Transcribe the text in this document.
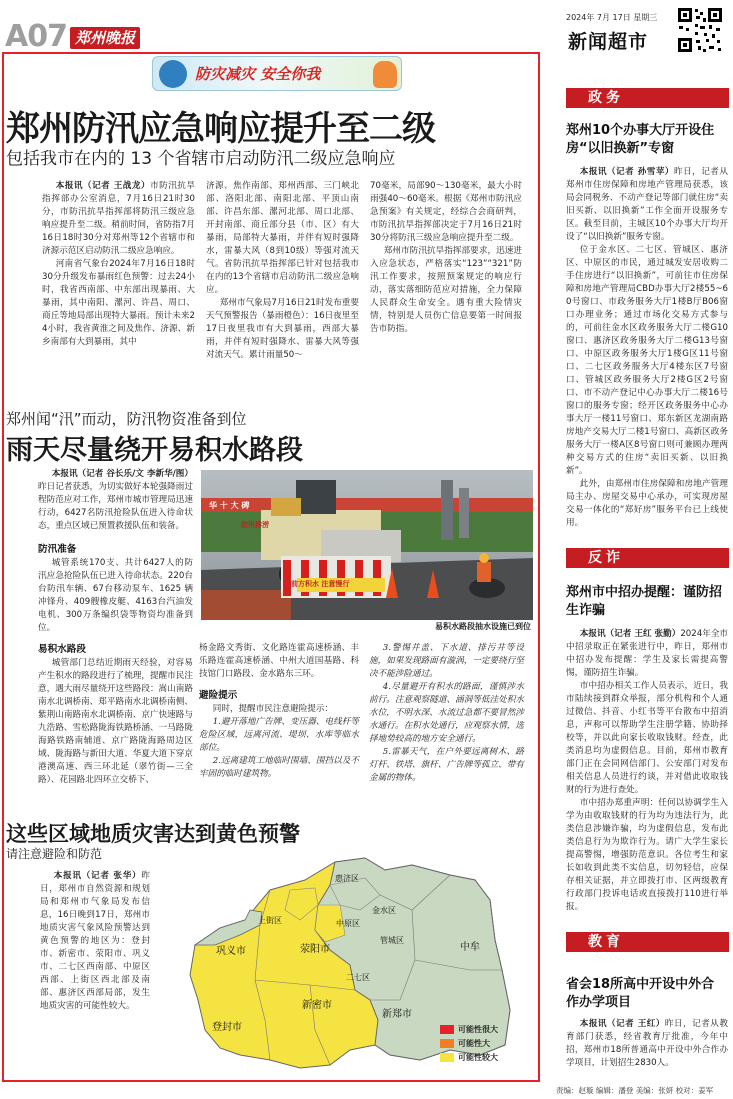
A07 郑州晚报
2024年 7月 17日 星期三
新闻超市
防灾减灾 安全你我
郑州防汛应急响应提升至二级
包括我市在内的 13 个省辖市启动防汛二级应急响应

本报讯（记者 王战龙）市防汛抗旱指挥部办公室消息，7月16日21时30分，市防汛抗旱指挥部将防汛三级应急响应提升至二级。稍前时间，省防指7月16日18时30分对郑州等12个省辖市和济源示范区启动防汛二级应急响应。

河南省气象台2024年7月16日18时30分升级发布暴雨红色预警：过去24小时，我省西南部、中东部出现暴雨、大暴雨，其中南阳、漯河、许昌、周口、商丘等地局部出现特大暴雨。预计未来24小时，我省黄淮之间及焦作、济源、新乡南部有大到暴雨，其中

济源、焦作南部、郑州西部、三门峡北部、洛阳北部、南阳北部、平顶山南部、许昌东部、漯河北部、周口北部、开封南部、商丘部分县（市、区）有大暴雨，局部特大暴雨，并伴有短时强降水，雷暴大风（8到10级）等强对流天气。省防汛抗旱指挥部已针对包括我市在内的13个省辖市启动防汛二级应急响应。

郑州市气象局7月16日21时发布重要天气预警报告（暴雨橙色）：16日夜里至17日夜里我市有大到暴雨，西部大暴雨，并伴有短时强降水、雷暴大风等强对流天气。累计雨量50～

70毫米，局部90～130毫米，最大小时雨强40～60毫米。根据《郑州市防汛应急预案》有关规定，经综合会商研判，市防汛抗旱指挥部决定于7月16日21时30分将防汛三级应急响应提升至二级。

郑州市防汛抗旱指挥部要求，迅速进入应急状态，严格落实“123”“321”防汛工作要求，按照预案规定的响应行动，落实落细防范应对措施，全力保障人民群众生命安全。遇有重大险情灾情，特别是人员伤亡信息要第一时间报告市防指。

郑州闻“汛”而动，防汛物资准备到位
雨天尽量绕开易积水路段

本报讯（记者 谷长乐/文 李新华/图）昨日记者获悉，为切实做好本轮强降雨过程防范应对工作，郑州市城市管理局迅速行动，6427名防汛抢险队伍进入待命状态，重点区域已预置救援队伍和装备。

防汛准备

城管系统170支、共计6427人的防汛应急抢险队伍已进入待命状态。220台台防汛车辆、67台移动泵车、1625 辆冲锋舟、409艘橡皮艇、4163台汽油发电机、300万条编织袋等物资均准备到位。

易积水路段

城管部门总结近期雨天经验，对容易产生积水的路段进行了梳理，提醒市民注意，遇大雨尽量绕开这些路段：嵩山南路南水北调桥南、郑平路南水北调桥南侧、紫荆山南路南水北调桥南、京广快速路与九浩路、雪松路陇海铁路桥涵、一马路陇海路铁路南辅道、京广路陇海路周边区域、陇海路与新田大道、华夏大道下穿京港澳高速、西三环北延（翠竹街—三全路）、花园路北四环立交桥下、

华 十 大 碑
防汛排涝
前方积水 注意慢行
易积水路段抽水设施已到位

杨金路文秀街、文化路连霍高速桥涵、丰乐路连霍高速桥涵、中州大道国基路、科技馆门口路段、金水路东三环。

避险提示

同时，提醒市民注意避险提示：

1.避开落地广告牌、变压器、电线杆等危险区域，远离河流、堤坝、水库等临水部位。

2.远离建筑工地临时围墙、围挡以及不牢固的临时建筑物。

3.警惕井盖、下水道、排污井等设施，如果发现路面有漩涡，一定要绕行坚决不能涉险通过。

4.尽量避开有积水的路面，谨慎涉水前行。注意观察隧道、涵洞等低洼处积水水位，不明水深、水流过急都不要冒然涉水通行。在积水处通行，应观察水情，选择地势较高的地方安全通行。

5.雷暴天气，在户外要远离树木、路灯杆、铁塔、旗杆、广告牌等孤立、带有金属的物体。

这些区域地质灾害达到黄色预警
请注意避险和防范

本报讯（记者 张华）昨日，郑州市自然资源和规划局和郑州市气象局发布信息，16日晚到17日，郑州市地质灾害气象风险预警达到黄色预警的地区为：登封市、新密市、荥阳市、巩义市、二七区西南部、中原区西部、上街区西北部及南部、惠济区西部局部，发生地质灾害的可能性较大。

惠济区
上街区
金水区
中原区
巩义市	荥阳市
二七区
管城区
中牟
新密市
登封市
新郑市
可能性很大
可能性大
可能性较大
政务
郑州10个办事大厅开设住房“以旧换新”专窗

本报讯（记者 孙雪苹）昨日，记者从郑州市住房保障和房地产管理局获悉，该局会同税务、不动产登记等部门就住房“卖旧买新、以旧换新”工作全面开设服务专区。截至目前，主城区10个办事大厅均开设了“以旧换新”服务专窗。

位于金水区、二七区、管城区、惠济区、中原区的市民，通过城发安居收购二手住房进行“以旧换新”，可前往市住房保障和房地产管理局CBD办事大厅2楼55~60号窗口、市政务服务大厅1楼B厅B06窗口办理业务；通过市场化交易方式参与的，可前往金水区政务服务大厅二楼G10窗口、惠济区政务服务大厅二楼G13号窗口、中原区政务服务大厅1楼G区11号窗口、二七区政务服务大厅4楼东区7号窗口、管城区政务服务大厅2楼G区2号窗口、市不动产登记中心办事大厅二楼16号窗口的服务专窗；经开区政务服务中心办事大厅一楼11号窗口、郑东新区龙湖南路房地产交易大厅二楼1号窗口、高新区政务服务大厅一楼A区8号窗口则可兼顾办理两种交易方式的住房“卖旧买新、以旧换新”。

此外，由郑州市住房保障和房地产管理局主办、房屋交易中心承办，可实现房屋交易一体化的“郑好房”服务平台已上线使用。

反诈
郑州市中招办提醒：谨防招生诈骗

本报讯（记者 王红 张勤）2024年全市中招录取正在紧张进行中，昨日，郑州市中招办发布提醒：学生及家长需提高警惕，谨防招生诈骗。

市中招办相关工作人员表示，近日，我市陆续接到群众举报，部分机构和个人通过微信、抖音、小红书等平台散布中招消息，声称可以帮助学生注册学籍、协助择校等，并以此向家长收取钱财。经查，此类消息均为虚假信息。目前，郑州市教育部门正在会同网信部门、公安部门对发布相关信息人员进行约谈，并对借此收取钱财的行为进行查处。

市中招办郑重声明：任何以协调学生入学为由收取钱财的行为均为违法行为，此类信息涉嫌诈骗，均为虚假信息，发布此类信息行为为欺诈行为。请广大学生家长提高警惕，增强防范意识。各位考生和家长如收到此类不实信息，切勿轻信，应保存相关证据，并立即拨打市、区两级教育行政部门投诉电话或直接拨打110进行举报。

教育
省会18所高中开设中外合作办学项目

本报讯（记者 王红）昨日，记者从教育部门获悉，经省教育厅批准，今年中招，郑州市18所普通高中开设中外合作办学项目，计划招生2830人。

责编：赵璇 编辑：潘登 美编：张妍 校对：姜军
